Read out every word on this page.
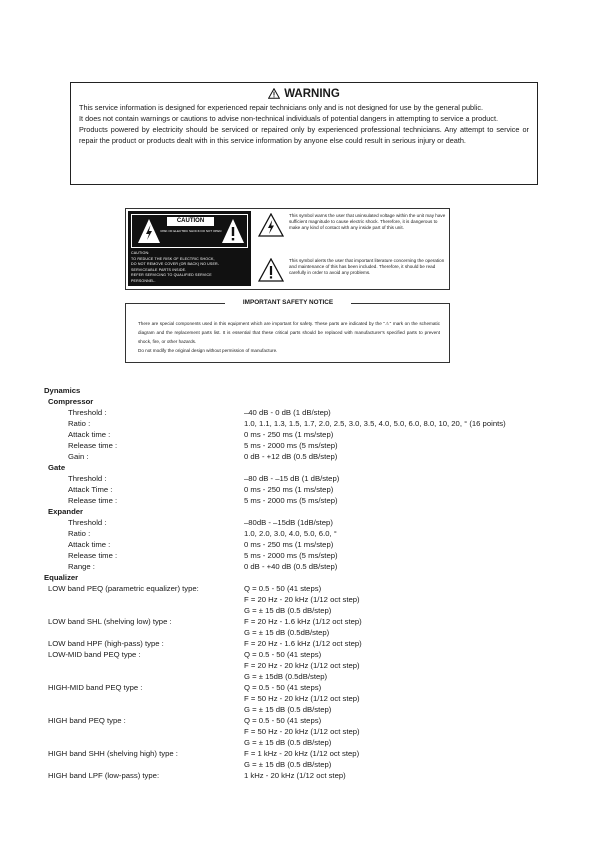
WARNING

This service information is designed for experienced repair technicians only and is not designed for use by the general public.

It does not contain warnings or cautions to advise non-technical individuals of potential dangers in attempting to service a product.

Products powered by electricity should be serviced or repaired only by experienced professional technicians. Any attempt to service or repair the product or products dealt with in this service information by anyone else could result in serious injury or death.

CAUTION
RISK OF ELECTRIC SHOCK DO NOT OPEN
CAUTION:
TO REDUCE THE RISK OF ELECTRIC SHOCK,
DO NOT REMOVE COVER (OR BACK) NO USER-
SERVICEABLE PARTS INSIDE.
REFER SERVICING TO QUALIFIED SERVICE
PERSONNEL.
This symbol warns the user that uninsulated voltage within the unit may have sufficient magnitude to cause electric shock. Therefore, it is dangerous to make any kind of contact with any inside part of this unit.
This symbol alerts the user that important literature concerning the operation and maintenance of this has been included. Therefore, it should be read carefully in order to avoid any problems.
IMPORTANT SAFETY NOTICE

There are special components used in this equipment which are important for safety. These parts are indicated by the "⚠" mark on the schematic diagram and the replacement parts list. It is essential that these critical parts should be replaced with manufacturer's specified parts to prevent shock, fire, or other hazards.

Do not modify the original design without permission of manufacture.

Dynamics
Compressor
Threshold :	–40 dB - 0 dB (1 dB/step)
Ratio :	1.0, 1.1, 1.3, 1.5, 1.7, 2.0, 2.5, 3.0, 3.5, 4.0, 5.0, 6.0, 8.0, 10, 20, ° (16 points)
Attack time :	0 ms - 250 ms (1 ms/step)
Release time :	5 ms - 2000 ms (5 ms/step)
Gain :	0 dB - +12 dB (0.5 dB/step)
Gate
Threshold :	–80 dB - –15 dB (1 dB/step)
Attack Time :	0 ms - 250 ms (1 ms/step)
Release time :	5 ms - 2000 ms (5 ms/step)
Expander
Threshold :	–80dB - –15dB (1dB/step)
Ratio :	1.0, 2.0, 3.0, 4.0, 5.0, 6.0, °
Attack time :	0 ms - 250 ms (1 ms/step)
Release time :	5 ms - 2000 ms (5 ms/step)
Range :	0 dB - +40 dB (0.5 dB/step)
Equalizer
LOW band PEQ (parametric equalizer) type:	Q = 0.5 - 50 (41 steps)
F = 20 Hz - 20 kHz (1/12 oct step)
G = ± 15 dB (0.5 dB/step)
LOW band SHL (shelving low) type :	F = 20 Hz - 1.6 kHz (1/12 oct step)
G = ± 15 dB (0.5dB/step)
LOW band HPF (high-pass) type :	F = 20 Hz - 1.6 kHz (1/12 oct step)
LOW-MID band PEQ type :	Q = 0.5 - 50 (41 steps)
F = 20 Hz - 20 kHz (1/12 oct step)
G = ± 15dB (0.5dB/step)
HIGH-MID band PEQ type :	Q = 0.5 - 50 (41 steps)
F = 50 Hz - 20 kHz (1/12 oct step)
G = ± 15 dB (0.5 dB/step)
HIGH band PEQ type :	Q = 0.5 - 50 (41 steps)
F = 50 Hz - 20 kHz (1/12 oct step)
G = ± 15 dB (0.5 dB/step)
HIGH band SHH (shelving high) type :	F = 1 kHz - 20 kHz (1/12 oct step)
G = ± 15 dB (0.5 dB/step)
HIGH band LPF (low-pass) type:	1 kHz - 20 kHz (1/12 oct step)
